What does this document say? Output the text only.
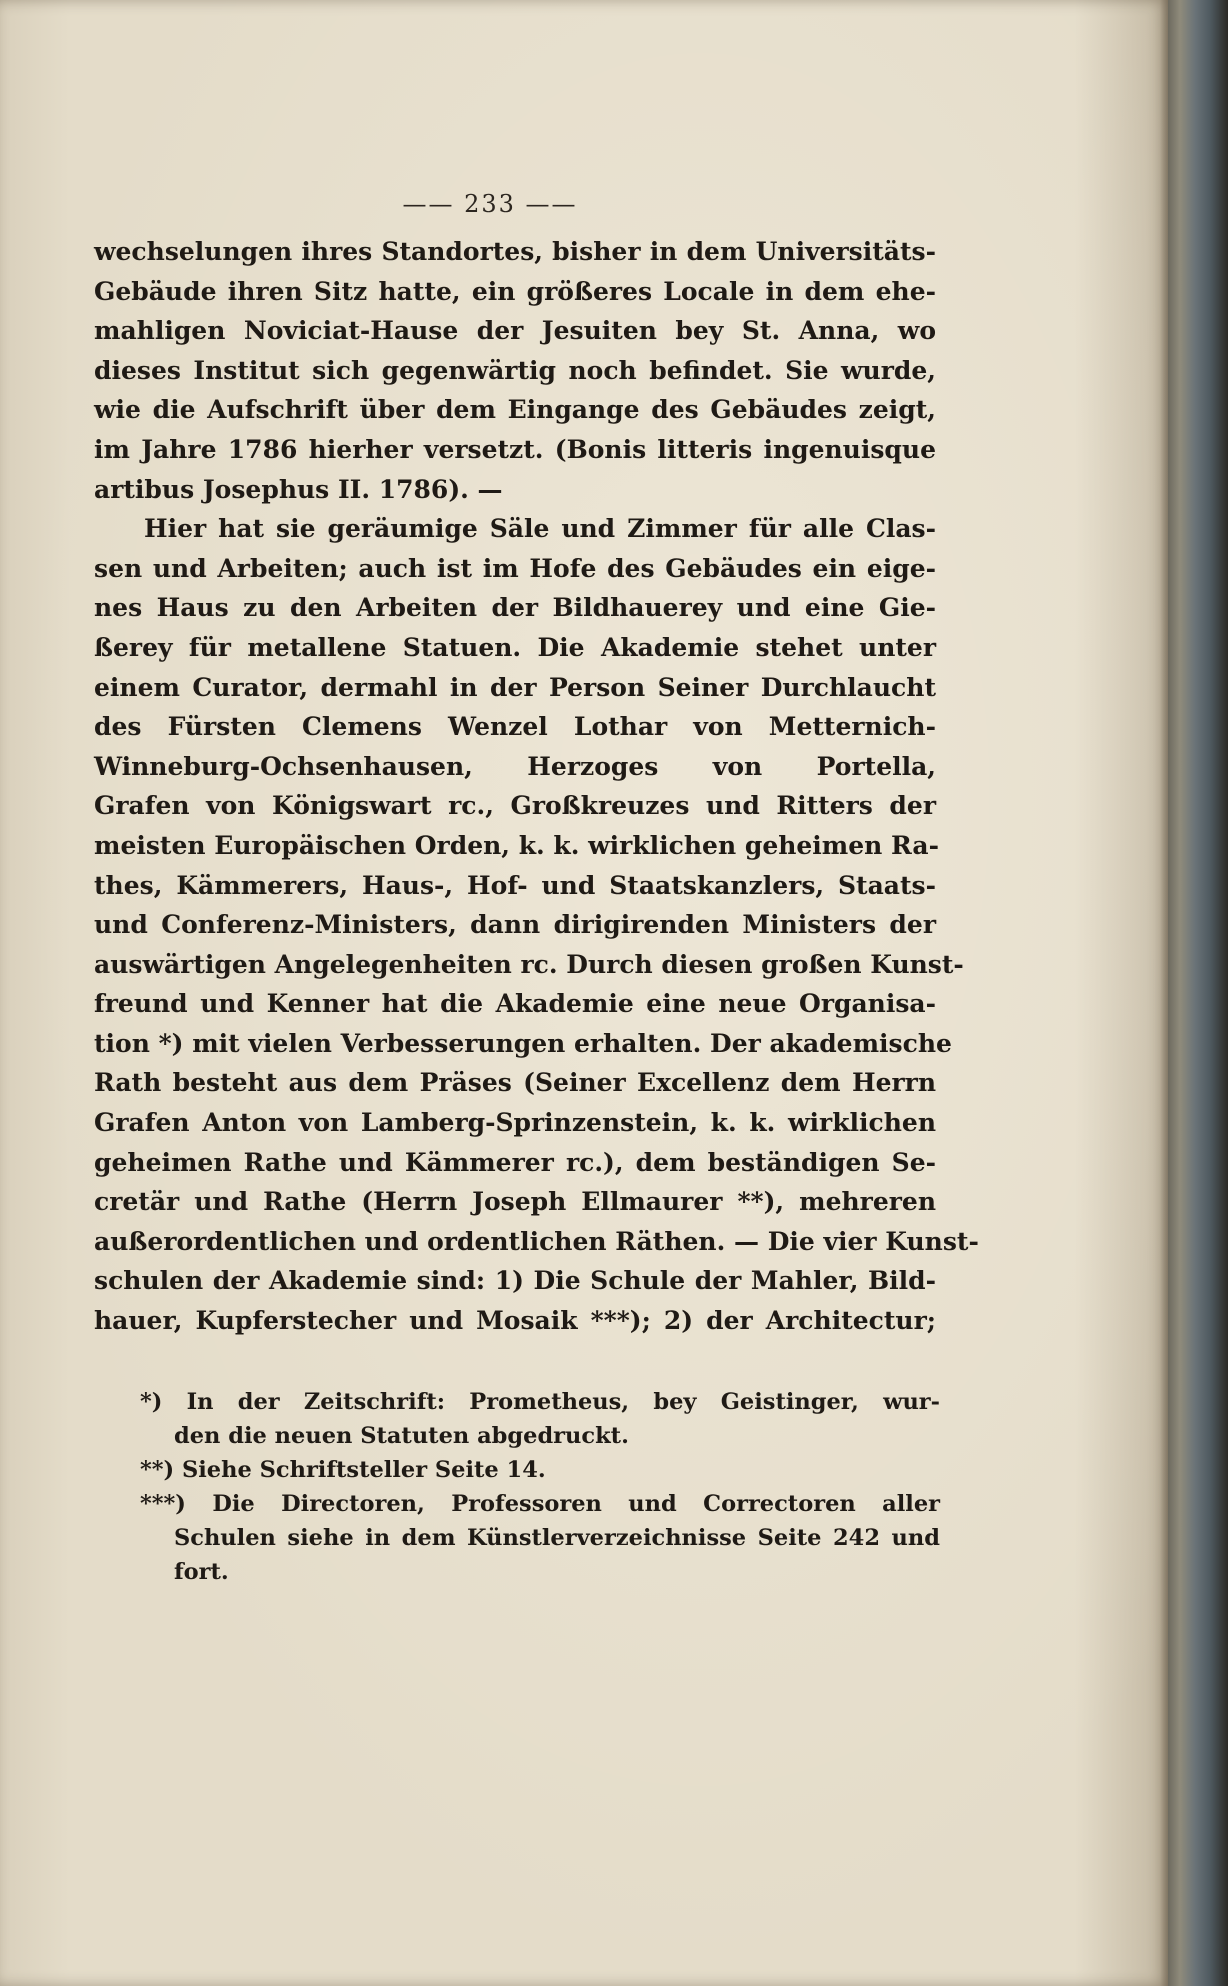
—— 233 ——
wechselungen ihres Standortes, bisher in dem Universitäts-
Gebäude ihren Sitz hatte, ein größeres Locale in dem ehe-
mahligen Noviciat-Hause der Jesuiten bey St. Anna, wo
dieses Institut sich gegenwärtig noch befindet. Sie wurde,
wie die Aufschrift über dem Eingange des Gebäudes zeigt,
im Jahre 1786 hierher versetzt. (Bonis litteris ingenuisque
artibus Josephus II. 1786). —
Hier hat sie geräumige Säle und Zimmer für alle Clas-
sen und Arbeiten; auch ist im Hofe des Gebäudes ein eige-
nes Haus zu den Arbeiten der Bildhauerey und eine Gie-
ßerey für metallene Statuen. Die Akademie stehet unter
einem Curator, dermahl in der Person Seiner Durchlaucht
des Fürsten Clemens Wenzel Lothar von Metternich-
Winneburg-Ochsenhausen, Herzoges von Portella,
Grafen von Königswart rc., Großkreuzes und Ritters der
meisten Europäischen Orden, k. k. wirklichen geheimen Ra-
thes, Kämmerers, Haus-, Hof- und Staatskanzlers, Staats-
und Conferenz-Ministers, dann dirigirenden Ministers der
auswärtigen Angelegenheiten rc. Durch diesen großen Kunst-
freund und Kenner hat die Akademie eine neue Organisa-
tion *) mit vielen Verbesserungen erhalten. Der akademische
Rath besteht aus dem Präses (Seiner Excellenz dem Herrn
Grafen Anton von Lamberg-Sprinzenstein, k. k. wirklichen
geheimen Rathe und Kämmerer rc.), dem beständigen Se-
cretär und Rathe (Herrn Joseph Ellmaurer **), mehreren
außerordentlichen und ordentlichen Räthen. — Die vier Kunst-
schulen der Akademie sind: 1) Die Schule der Mahler, Bild-
hauer, Kupferstecher und Mosaik ***); 2) der Architectur;
*) In der Zeitschrift: Prometheus, bey Geistinger, wur-
den die neuen Statuten abgedruckt.
**) Siehe Schriftsteller Seite 14.
***) Die Directoren, Professoren und Correctoren aller
Schulen siehe in dem Künstlerverzeichnisse Seite 242 und
fort.
